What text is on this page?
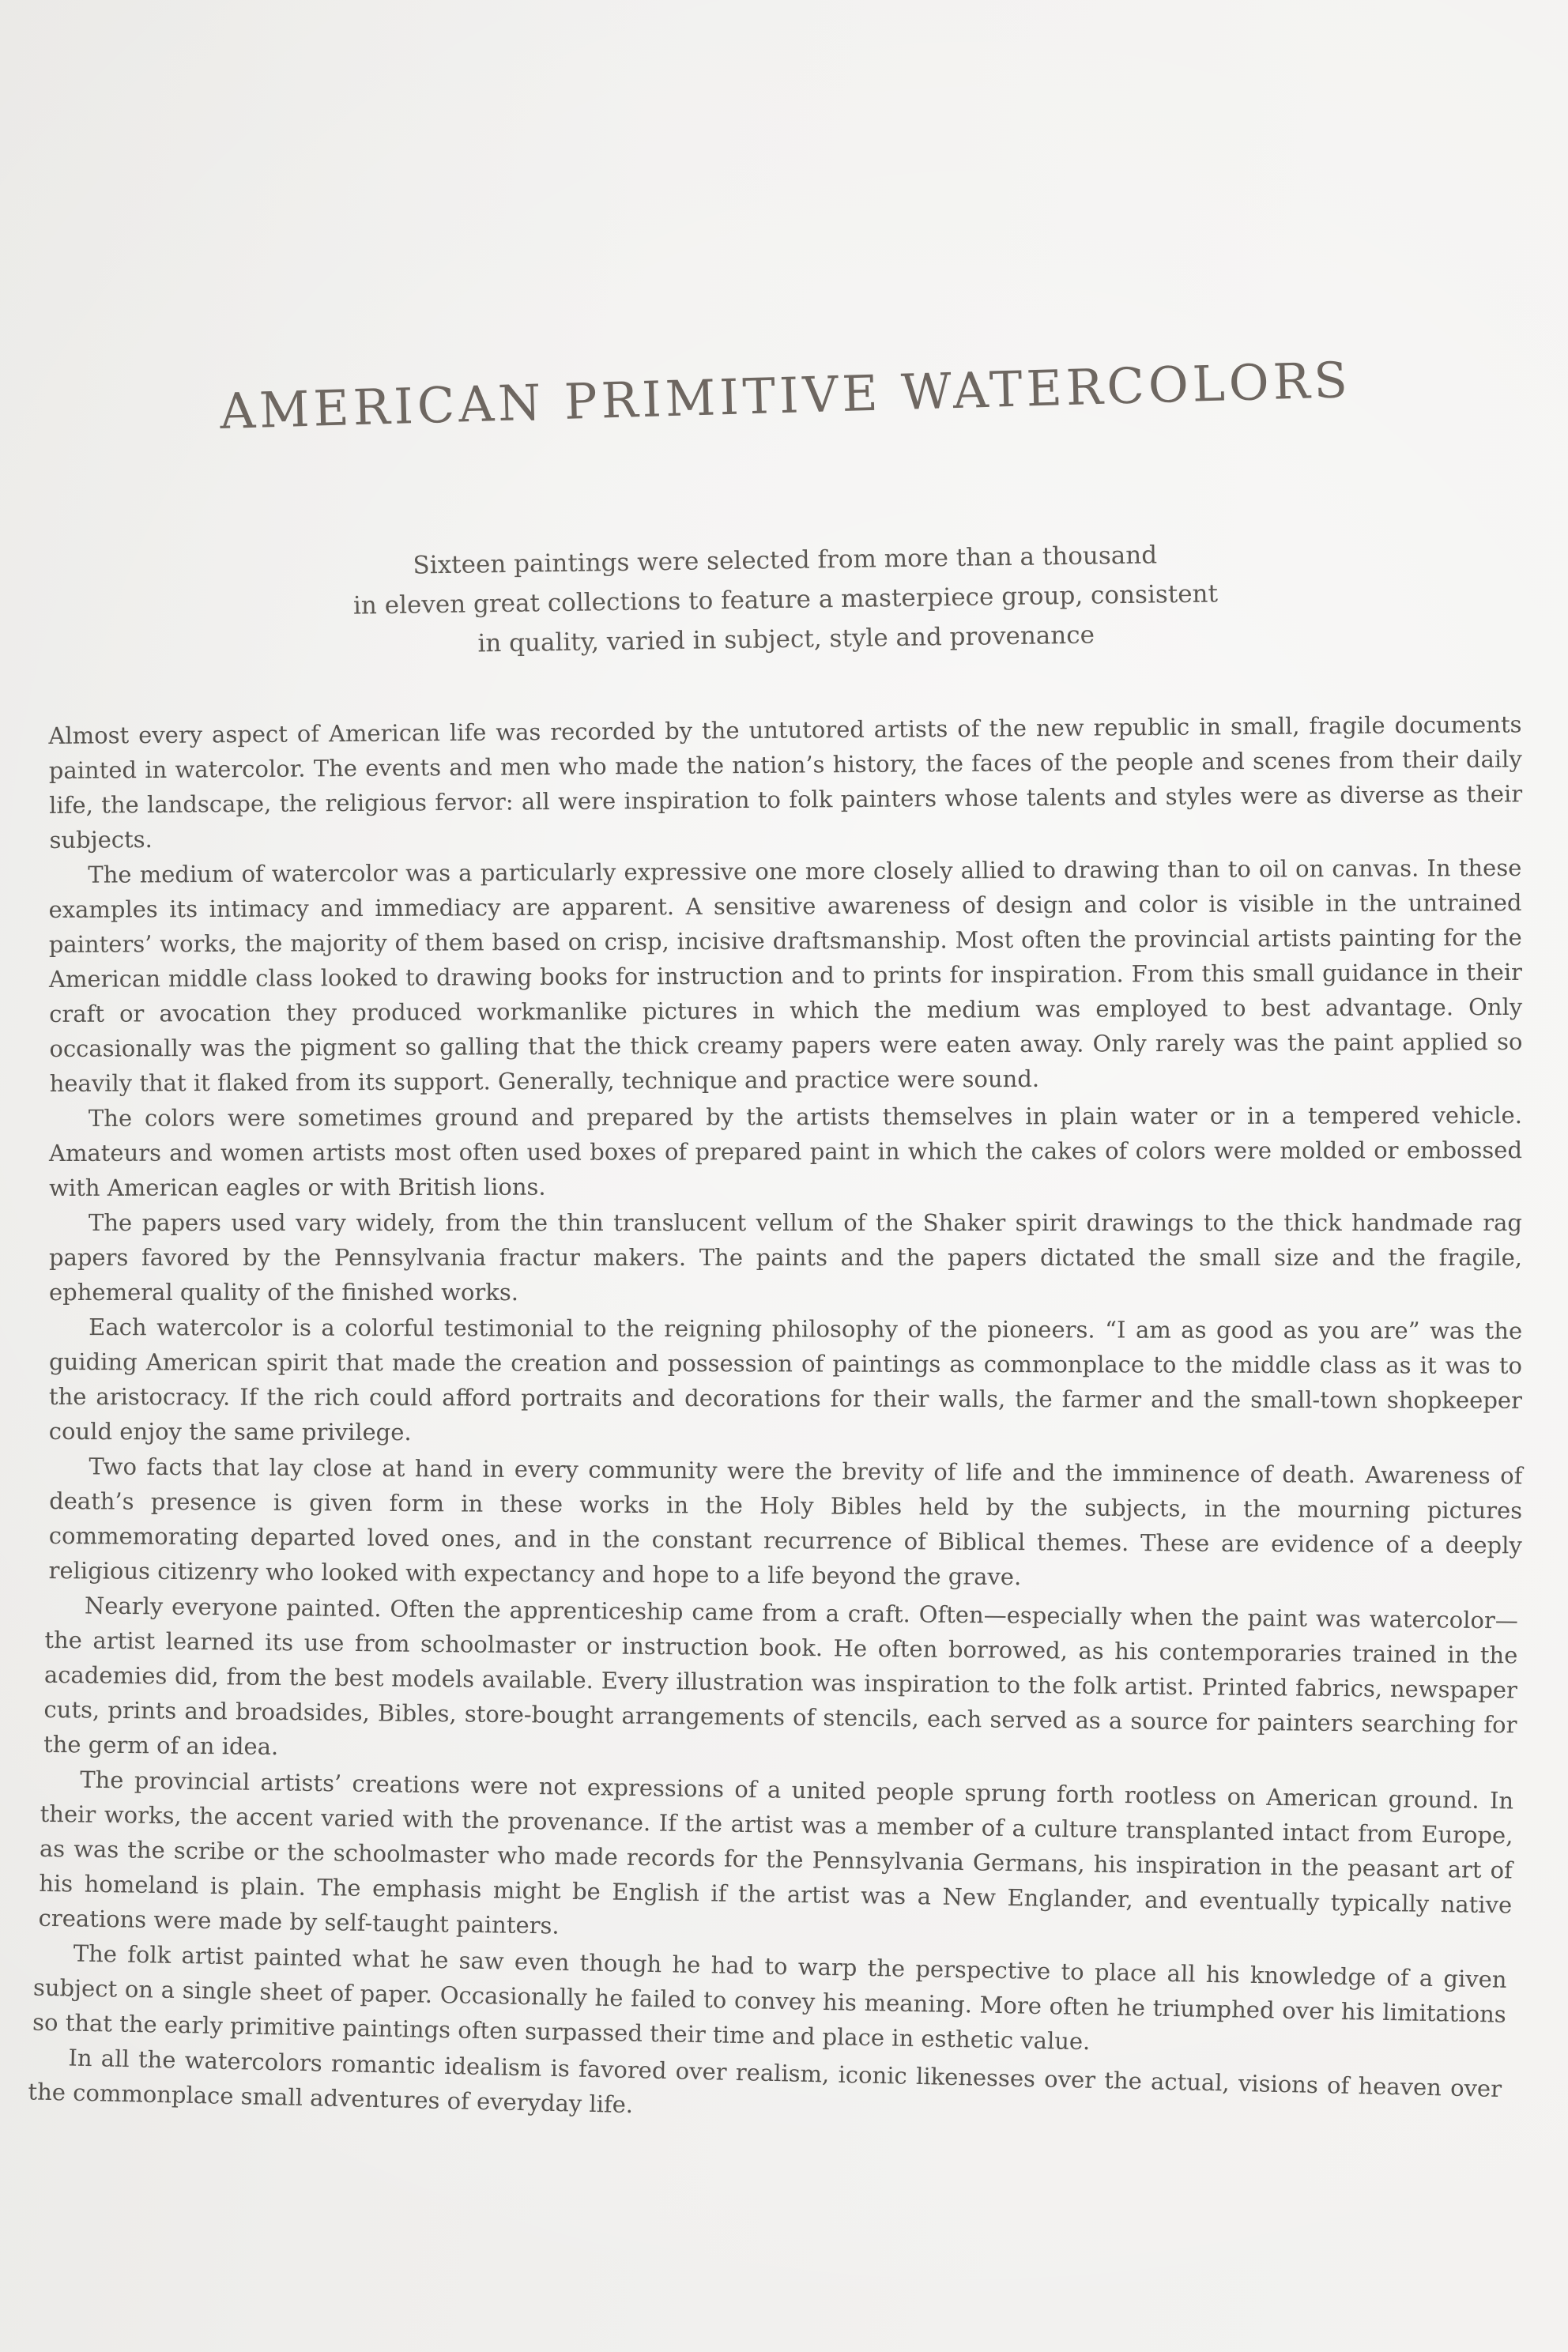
AMERICAN PRIMITIVE WATERCOLORS
Sixteen paintings were selected from more than a thousand
in eleven great collections to feature a masterpiece group, consistent
in quality, varied in subject, style and provenance

Almost every aspect of American life was recorded by the untutored artists of the new republic in small, fragile documents painted in watercolor. The events and men who made the nation’s history, the faces of the people and scenes from their daily life, the landscape, the religious fervor: all were inspiration to folk painters whose talents and styles were as diverse as their subjects.

The medium of watercolor was a particularly expressive one more closely allied to drawing than to oil on canvas. In these examples its intimacy and immediacy are apparent. A sensitive awareness of design and color is visible in the untrained painters’ works, the majority of them based on crisp, incisive draftsmanship. Most often the provincial artists painting for the American middle class looked to drawing books for instruction and to prints for inspiration. From this small guidance in their craft or avocation they produced workmanlike pictures in which the medium was employed to best advantage. Only occasionally was the pigment so galling that the thick creamy papers were eaten away. Only rarely was the paint applied so heavily that it flaked from its support. Generally, technique and practice were sound.

The colors were sometimes ground and prepared by the artists themselves in plain water or in a tempered vehicle. Amateurs and women artists most often used boxes of prepared paint in which the cakes of colors were molded or embossed with American eagles or with British lions.

The papers used vary widely, from the thin translucent vellum of the Shaker spirit drawings to the thick handmade rag papers favored by the Pennsylvania fractur makers. The paints and the papers dictated the small size and the fragile, ephemeral quality of the finished works.

Each watercolor is a colorful testimonial to the reigning philosophy of the pioneers. “I am as good as you are” was the guiding American spirit that made the creation and possession of paintings as commonplace to the middle class as it was to the aristocracy. If the rich could afford portraits and decorations for their walls, the farmer and the small-town shopkeeper could enjoy the same privilege.

Two facts that lay close at hand in every community were the brevity of life and the imminence of death. Awareness of death’s presence is given form in these works in the Holy Bibles held by the subjects, in the mourning pictures commemorating departed loved ones, and in the constant recurrence of Biblical themes. These are evidence of a deeply religious citizenry who looked with expectancy and hope to a life beyond the grave.

Nearly everyone painted. Often the apprenticeship came from a craft. Often—especially when the paint was watercolor—the artist learned its use from schoolmaster or instruction book. He often borrowed, as his contemporaries trained in the academies did, from the best models available. Every illustration was inspiration to the folk artist. Printed fabrics, newspaper cuts, prints and broadsides, Bibles, store-bought arrangements of stencils, each served as a source for painters searching for the germ of an idea.

The provincial artists’ creations were not expressions of a united people sprung forth rootless on American ground. In their works, the accent varied with the provenance. If the artist was a member of a culture transplanted intact from Europe, as was the scribe or the schoolmaster who made records for the Pennsylvania Germans, his inspiration in the peasant art of his homeland is plain. The emphasis might be English if the artist was a New Englander, and eventually typically native creations were made by self-taught painters.

The folk artist painted what he saw even though he had to warp the perspective to place all his knowledge of a given subject on a single sheet of paper. Occasionally he failed to convey his meaning. More often he triumphed over his limitations so that the early primitive paintings often surpassed their time and place in esthetic value.

In all the watercolors romantic idealism is favored over realism, iconic likenesses over the actual, visions of heaven over the commonplace small adventures of everyday life.
